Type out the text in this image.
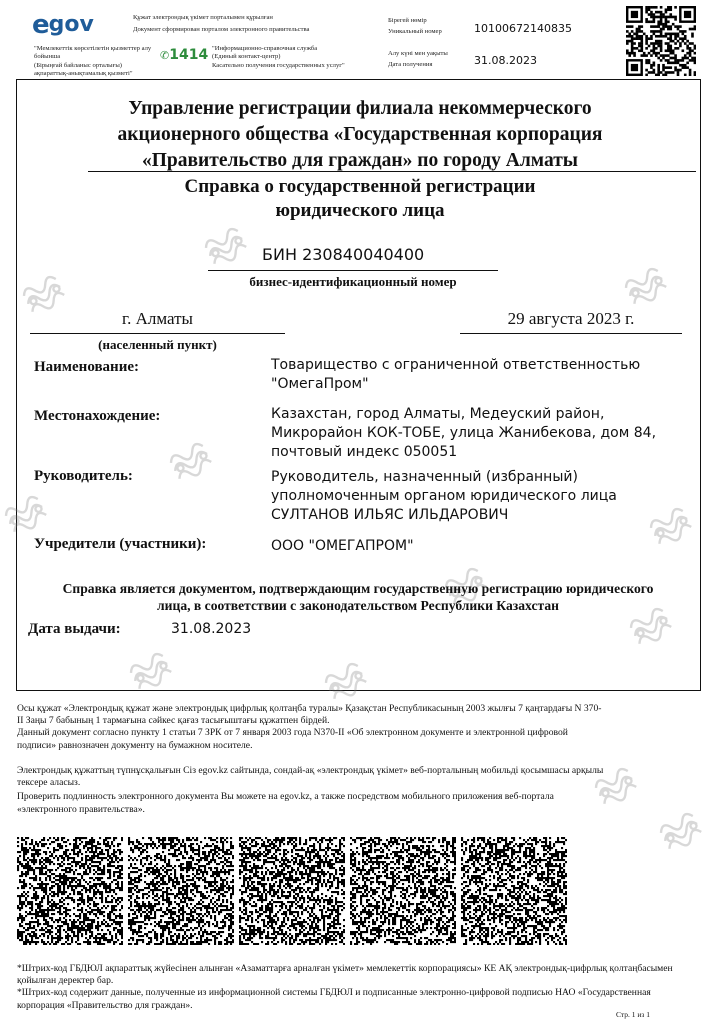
egov
"Мемлекеттік көрсетілетін қызметтер алу бойынша
(Бірыңғай байланыс орталығы)
ақпараттық-анықтамалық қызметі"
Құжат электрондық үкімет порталымен құрылған
Документ сформирован порталом электронного правительства
✆1414 "Информационно-справочная служба
(Единый контакт-центр)
Касательно получения государственных услуг"
Бірегей нөмір
Уникальный номер	10100672140835
Алу күні мен уақыты
Дата получения	31.08.2023
Управление регистрации филиала некоммерческого
акционерного общества «Государственная корпорация
«Правительство для граждан» по городу Алматы
Справка о государственной регистрации
юридического лица
БИН 230840040400
бизнес-идентификационный номер
г. Алматы
(населенный пункт)
29 августа 2023 г.
Наименование:	Товарищество с ограниченной ответственностью
"ОмегаПром"
Местонахождение:	Казахстан, город Алматы, Медеуский район,
Микрорайон КОК-ТОБЕ, улица Жанибекова, дом 84,
почтовый индекс 050051
Руководитель:	Руководитель, назначенный (избранный)
уполномоченным органом юридического лица
СУЛТАНОВ ИЛЬЯС ИЛЬДАРОВИЧ
Учредители (участники):	ООО "ОМЕГАПРОМ"
Справка является документом, подтверждающим государственную регистрацию юридического
лица, в соответствии с законодательством Республики Казахстан
Дата выдачи:	31.08.2023
Осы құжат «Электрондық құжат және электрондық цифрлық қолтаңба туралы» Қазақстан Республикасының 2003 жылғы 7 қаңтардағы N 370-
II Заңы 7 бабының 1 тармағына сәйкес қағаз тасығыштағы құжатпен бірдей.
Данный документ согласно пункту 1 статьи 7 ЗРК от 7 января 2003 года N370-II «Об электронном документе и электронной цифровой
подписи» равнозначен документу на бумажном носителе.
Электрондық құжаттың түпнұсқалығын Сіз egov.kz сайтында, сондай-ақ «электрондық үкімет» веб-порталының мобильді қосымшасы арқылы
тексере аласыз.
Проверить подлинность электронного документа Вы можете на egov.kz, а также посредством мобильного приложения веб-портала
«электронного правительства».
*Штрих-код ГБДЮЛ ақпараттық жүйесінен алынған «Азаматтарға арналған үкімет» мемлекеттік корпорациясы» КЕ АҚ электрондық-цифрлық қолтаңбасымен
қойылған деректер бар.
*Штрих-код содержит данные, полученные из информационной системы ГБДЮЛ и подписанные электронно-цифровой подписью НАО «Государственная
корпорация «Правительство для граждан».
Стр. 1 из 1
